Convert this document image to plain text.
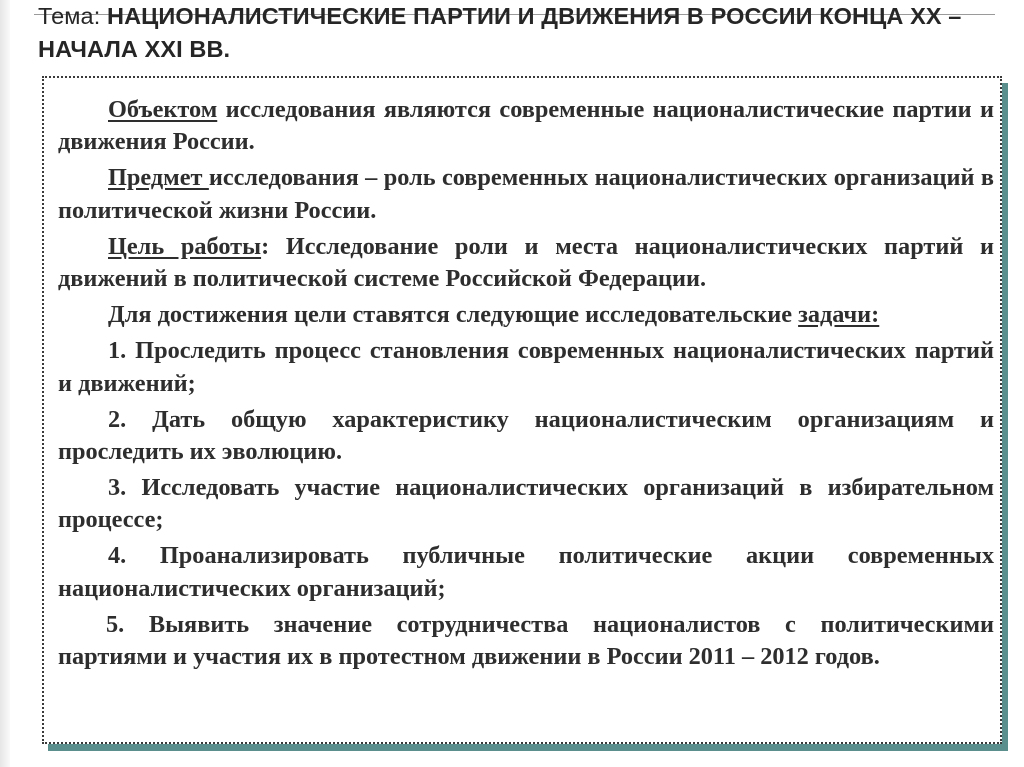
Тема: НАЦИОНАЛИСТИЧЕСКИЕ ПАРТИИ И ДВИЖЕНИЯ В РОССИИ КОНЦА XX – НАЧАЛА XXI ВВ.

Объектом исследования являются современные националистические партии и движения России.

Предмет исследования – роль современных националистических организаций в политической жизни России.

Цель работы: Исследование роли и места националистических партий и движений в политической системе Российской Федерации.

Для достижения цели ставятся следующие исследовательские задачи:

1. Проследить процесс становления современных националистических партий и движений;

2. Дать общую характеристику националистическим организациям и проследить их эволюцию.

3. Исследовать участие националистических организаций в избирательном процессе;

4. Проанализировать публичные политические акции современных националистических организаций;

5. Выявить значение сотрудничества националистов с политическими партиями и участия их в протестном движении в России 2011 – 2012 годов.
